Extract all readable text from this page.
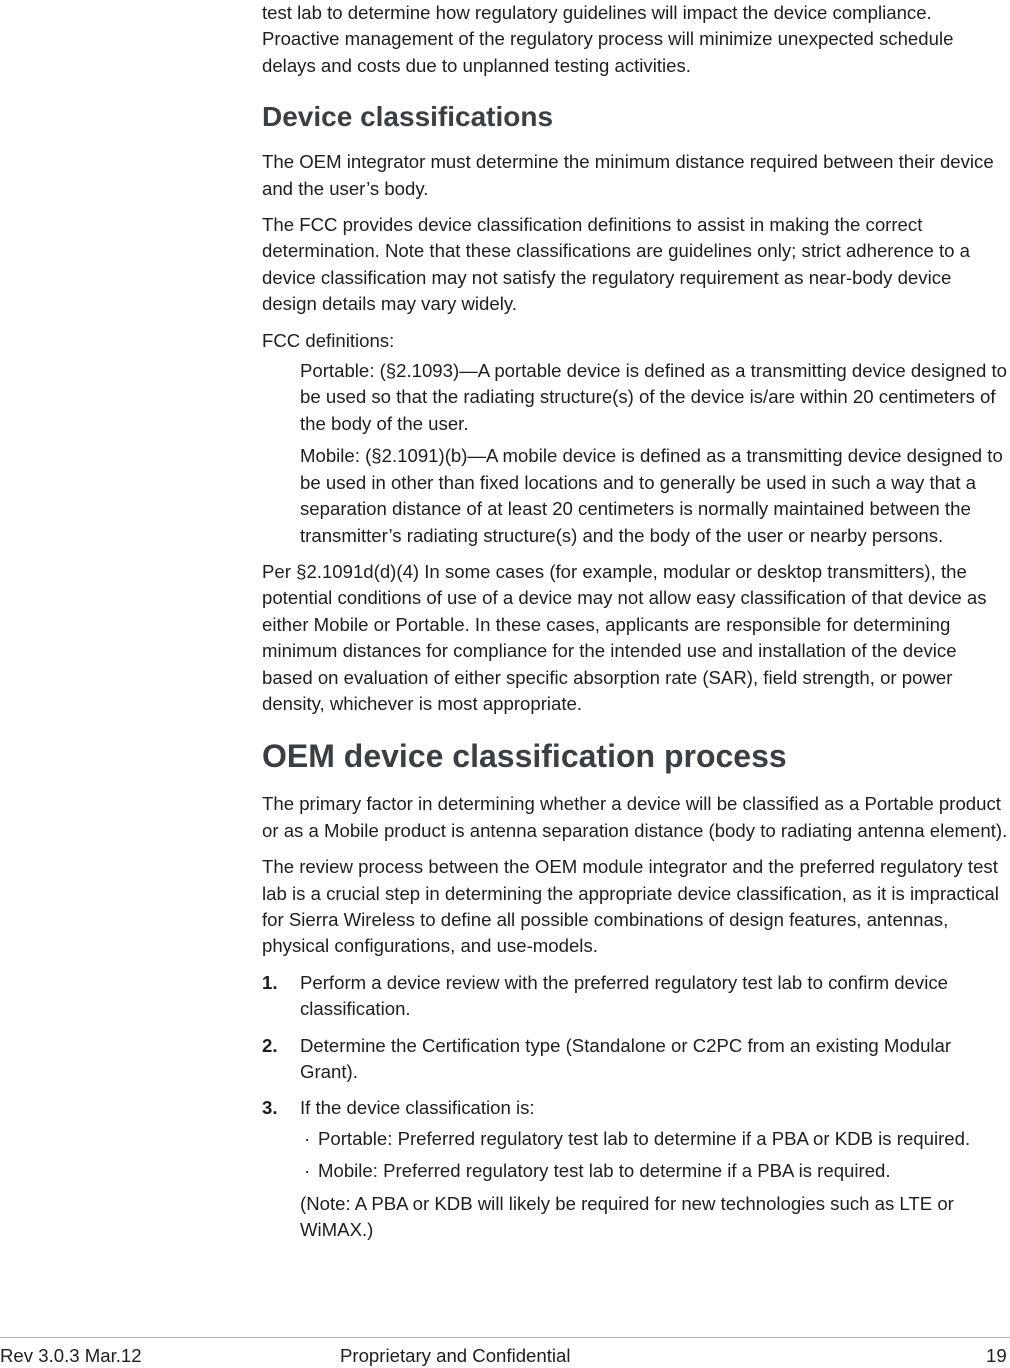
test lab to determine how regulatory guidelines will impact the device compliance. Proactive management of the regulatory process will minimize unexpected schedule delays and costs due to unplanned testing activities.

Device classifications

The OEM integrator must determine the minimum distance required between their device and the user’s body.

The FCC provides device classification definitions to assist in making the correct determination. Note that these classifications are guidelines only; strict adherence to a device classification may not satisfy the regulatory requirement as near-body device design details may vary widely.

FCC definitions:

Portable: (§2.1093)—A portable device is defined as a transmitting device designed to be used so that the radiating structure(s) of the device is/are within 20 centimeters of the body of the user.

Mobile: (§2.1091)(b)—A mobile device is defined as a transmitting device designed to be used in other than fixed locations and to generally be used in such a way that a separation distance of at least 20 centimeters is normally maintained between the transmitter’s radiating structure(s) and the body of the user or nearby persons.

Per §2.1091d(d)(4) In some cases (for example, modular or desktop transmitters), the potential conditions of use of a device may not allow easy classification of that device as either Mobile or Portable. In these cases, applicants are responsible for determining minimum distances for compliance for the intended use and installation of the device based on evaluation of either specific absorption rate (SAR), field strength, or power density, whichever is most appropriate.

OEM device classification process

The primary factor in determining whether a device will be classified as a Portable product or as a Mobile product is antenna separation distance (body to radiating antenna element).

The review process between the OEM module integrator and the preferred regulatory test lab is a crucial step in determining the appropriate device classification, as it is impractical for Sierra Wireless to define all possible combinations of design features, antennas, physical configurations, and use-models.

1. Perform a device review with the preferred regulatory test lab to confirm device classification.
2. Determine the Certification type (Standalone or C2PC from an existing Modular Grant).
3. If the device classification is:
· Portable: Preferred regulatory test lab to determine if a PBA or KDB is required.
· Mobile: Preferred regulatory test lab to determine if a PBA is required.

(Note: A PBA or KDB will likely be required for new technologies such as LTE or WiMAX.)

Rev 3.0.3 Mar.12	Proprietary and Confidential	19
